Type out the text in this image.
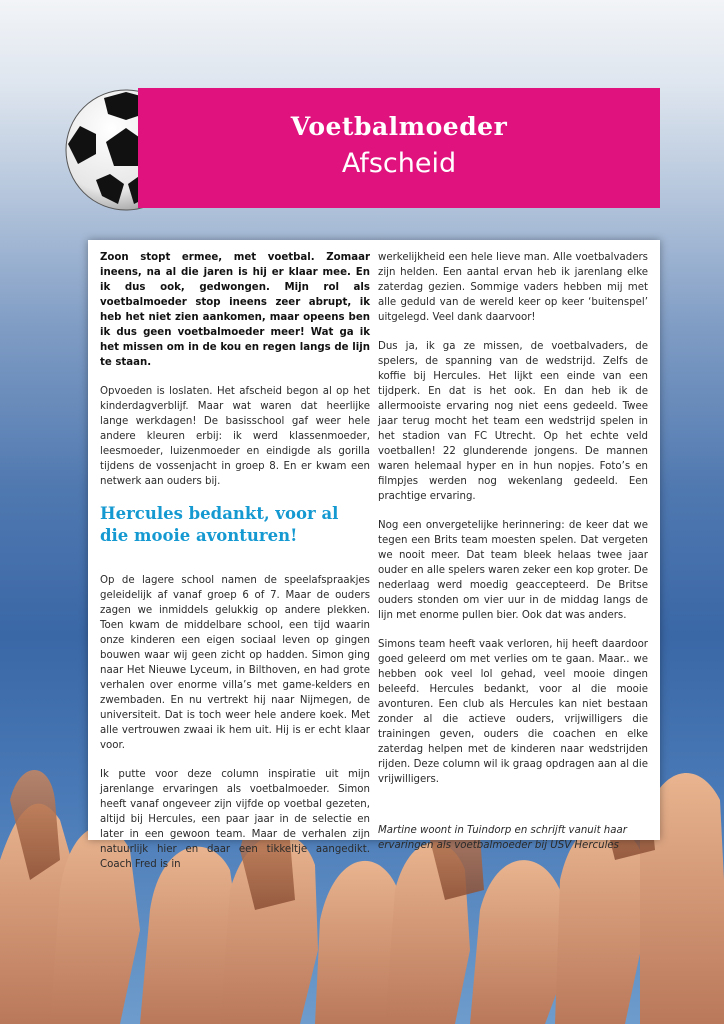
Voetbalmoeder
Afscheid

Zoon stopt ermee, met voetbal. Zomaar ineens, na al die jaren is hij er klaar mee. En ik dus ook, gedwongen. Mijn rol als voetbalmoeder stop ineens zeer abrupt, ik heb het niet zien aankomen, maar opeens ben ik dus geen voetbalmoeder meer! Wat ga ik het missen om in de kou en regen langs de lijn te staan.

Opvoeden is loslaten. Het afscheid begon al op het kinderdagverblijf. Maar wat waren dat heerlijke lange werkdagen! De basisschool gaf weer hele andere kleuren erbij: ik werd klassenmoeder, leesmoeder, luizenmoeder en eindigde als gorilla tijdens de vossenjacht in groep 8. En er kwam een netwerk aan ouders bij.

Hercules bedankt, voor al die mooie avonturen!

Op de lagere school namen de speelafspraakjes geleidelijk af vanaf groep 6 of 7. Maar de ouders zagen we inmiddels gelukkig op andere plekken. Toen kwam de middelbare school, een tijd waarin onze kinderen een eigen sociaal leven op gingen bouwen waar wij geen zicht op hadden. Simon ging naar Het Nieuwe Lyceum, in Bilthoven, en had grote verhalen over enorme villa’s met game-kelders en zwembaden. En nu vertrekt hij naar Nijmegen, de universiteit. Dat is toch weer hele andere koek. Met alle vertrouwen zwaai ik hem uit. Hij is er echt klaar voor.

Ik putte voor deze column inspiratie uit mijn jarenlange ervaringen als voetbalmoeder. Simon heeft vanaf ongeveer zijn vijfde op voetbal gezeten, altijd bij Hercules, een paar jaar in de selectie en later in een gewoon team. Maar de verhalen zijn natuurlijk hier en daar een tikkeltje aangedikt. Coach Fred is in

werkelijkheid een hele lieve man. Alle voetbalvaders zijn helden. Een aantal ervan heb ik jarenlang elke zaterdag gezien. Sommige vaders hebben mij met alle geduld van de wereld keer op keer ‘buitenspel’ uitgelegd. Veel dank daarvoor!

Dus ja, ik ga ze missen, de voetbalvaders, de spelers, de spanning van de wedstrijd. Zelfs de koffie bij Hercules. Het lijkt een einde van een tijdperk. En dat is het ook. En dan heb ik de allermooiste ervaring nog niet eens gedeeld. Twee jaar terug mocht het team een wedstrijd spelen in het stadion van FC Utrecht. Op het echte veld voetballen! 22 glunderende jongens. De mannen waren helemaal hyper en in hun nopjes. Foto’s en filmpjes werden nog wekenlang gedeeld. Een prachtige ervaring.

Nog een onvergetelijke herinnering: de keer dat we tegen een Brits team moesten spelen. Dat vergeten we nooit meer. Dat team bleek helaas twee jaar ouder en alle spelers waren zeker een kop groter. De nederlaag werd moedig geaccepteerd. De Britse ouders stonden om vier uur in de middag langs de lijn met enorme pullen bier. Ook dat was anders.

Simons team heeft vaak verloren, hij heeft daardoor goed geleerd om met verlies om te gaan. Maar.. we hebben ook veel lol gehad, veel mooie dingen beleefd. Hercules bedankt, voor al die mooie avonturen. Een club als Hercules kan niet bestaan zonder al die actieve ouders, vrijwilligers die trainingen geven, ouders die coachen en elke zaterdag helpen met de kinderen naar wedstrijden rijden. Deze column wil ik graag opdragen aan al die vrijwilligers.

Martine woont in Tuindorp en schrijft vanuit haar ervaringen als voetbalmoeder bij USV Hercules
